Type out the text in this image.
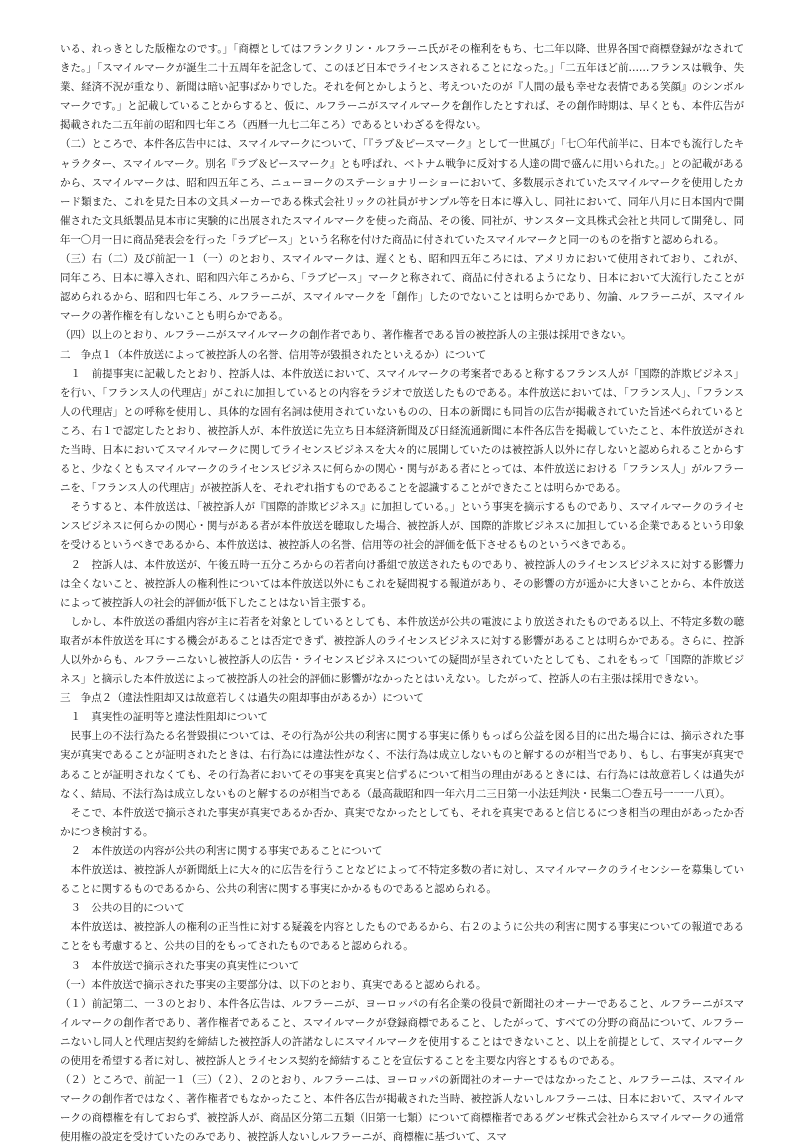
いる、れっきとした版権なのです。」「商標としてはフランクリン・ルフラーニ氏がその権利をもち、七二年以降、世界各国で商標登録がなされてきた。」「スマイルマークが誕生二十五周年を記念して、このほど日本でライセンスされることになった。」「二五年ほど前……フランスは戦争、失業、経済不況が重なり、新聞は暗い記事ばかりでした。それを何とかしようと、考えついたのが『人間の最も幸せな表情である笑顔』のシンボルマークです。」と記載していることからすると、仮に、ルフラーニがスマイルマークを創作したとすれば、その創作時期は、早くとも、本件広告が掲載された二五年前の昭和四七年ころ（西暦一九七二年ころ）であるといわざるを得ない。

（二）ところで、本件各広告中には、スマイルマークについて、「『ラブ＆ピースマーク』として一世風び」「七〇年代前半に、日本でも流行したキャラクター、スマイルマーク。別名『ラブ＆ピースマーク』とも呼ばれ、ベトナム戦争に反対する人達の間で盛んに用いられた。」との記載があるから、スマイルマークは、昭和四五年ころ、ニューヨークのステーショナリーショーにおいて、多数展示されていたスマイルマークを使用したカード類また、これを見た日本の文具メーカーである株式会社リックの社員がサンプル等を日本に導入し、同社において、同年八月に日本国内で開催された文具紙製品見本市に実験的に出展されたスマイルマークを使った商品、その後、同社が、サンスター文具株式会社と共同して開発し、同年一〇月一日に商品発表会を行った「ラブピース」という名称を付けた商品に付されていたスマイルマークと同一のものを指すと認められる。

（三）右（二）及び前記一１（一）のとおり、スマイルマークは、遅くとも、昭和四五年ころには、アメリカにおいて使用されており、これが、同年ころ、日本に導入され、昭和四六年ころから、「ラブピース」マークと称されて、商品に付されるようになり、日本において大流行したことが認められるから、昭和四七年ころ、ルフラーニが、スマイルマークを「創作」したのでないことは明らかであり、勿論、ルフラーニが、スマイルマークの著作権を有しないことも明らかである。

（四）以上のとおり、ルフラーニがスマイルマークの創作者であり、著作権者である旨の被控訴人の主張は採用できない。

二　争点１（本件放送によって被控訴人の名誉、信用等が毀損されたといえるか）について

１　前提事実に記載したとおり、控訴人は、本件放送において、スマイルマークの考案者であると称するフランス人が「国際的詐欺ビジネス」を行い、「フランス人の代理店」がこれに加担しているとの内容をラジオで放送したものである。本件放送においては、「フランス人」、「フランス人の代理店」との呼称を使用し、具体的な固有名詞は使用されていないものの、日本の新聞にも同旨の広告が掲載されていた旨述べられているところ、右１で認定したとおり、被控訴人が、本件放送に先立ち日本経済新聞及び日経流通新聞に本件各広告を掲載していたこと、本件放送がされた当時、日本においてスマイルマークに関してライセンスビジネスを大々的に展開していたのは被控訴人以外に存しないと認められることからすると、少なくともスマイルマークのライセンスビジネスに何らかの関心・関与がある者にとっては、本件放送における「フランス人」がルフラーニを、「フランス人の代理店」が被控訴人を、それぞれ指すものであることを認識することができたことは明らかである。

そうすると、本件放送は、「被控訴人が『国際的詐欺ビジネス』に加担している。」という事実を摘示するものであり、スマイルマークのライセンスビジネスに何らかの関心・関与がある者が本件放送を聴取した場合、被控訴人が、国際的詐欺ビジネスに加担している企業であるという印象を受けるというべきであるから、本件放送は、被控訴人の名誉、信用等の社会的評価を低下させるものというべきである。

２　控訴人は、本件放送が、午後五時一五分ころからの若者向け番組で放送されたものであり、被控訴人のライセンスビジネスに対する影響力は全くないこと、被控訴人の権利性については本件放送以外にもこれを疑問視する報道があり、その影響の方が遥かに大きいことから、本件放送によって被控訴人の社会的評価が低下したことはない旨主張する。

しかし、本件放送の番組内容が主に若者を対象としているとしても、本件放送が公共の電波により放送されたものである以上、不特定多数の聴取者が本件放送を耳にする機会があることは否定できず、被控訴人のライセンスビジネスに対する影響があることは明らかである。さらに、控訴人以外からも、ルフラーニないし被控訴人の広告・ライセンスビジネスについての疑問が呈されていたとしても、これをもって「国際的詐欺ビジネス」と摘示した本件放送によって被控訴人の社会的評価に影響がなかったとはいえない。したがって、控訴人の右主張は採用できない。

三　争点２（違法性阻却又は故意若しくは過失の阻却事由があるか）について

１　真実性の証明等と違法性阻却について

民事上の不法行為たる名誉毀損については、その行為が公共の利害に関する事実に係りもっぱら公益を図る目的に出た場合には、摘示された事実が真実であることが証明されたときは、右行為には違法性がなく、不法行為は成立しないものと解するのが相当であり、もし、右事実が真実であることが証明されなくても、その行為者においてその事実を真実と信ずるについて相当の理由があるときには、右行為には故意若しくは過失がなく、結局、不法行為は成立しないものと解するのが相当である（最高裁昭和四一年六月二三日第一小法廷判決・民集二〇巻五号一一一八頁）。

そこで、本件放送で摘示された事実が真実であるか否か、真実でなかったとしても、それを真実であると信じるにつき相当の理由があったか否かにつき検討する。

２　本件放送の内容が公共の利害に関する事実であることについて

本件放送は、被控訴人が新聞紙上に大々的に広告を行うことなどによって不特定多数の者に対し、スマイルマークのライセンシーを募集していることに関するものであるから、公共の利害に関する事実にかかるものであると認められる。

３　公共の目的について

本件放送は、被控訴人の権利の正当性に対する疑義を内容としたものであるから、右２のように公共の利害に関する事実についての報道であることをも考慮すると、公共の目的をもってされたものであると認められる。

３　本件放送で摘示された事実の真実性について

（一）本件放送で摘示された事実の主要部分は、以下のとおり、真実であると認められる。

（１）前記第二、一３のとおり、本件各広告は、ルフラーニが、ヨーロッパの有名企業の役員で新聞社のオーナーであること、ルフラーニがスマイルマークの創作者であり、著作権者であること、スマイルマークが登録商標であること、したがって、すべての分野の商品について、ルフラーニないし同人と代理店契約を締結した被控訴人の許諾なしにスマイルマークを使用することはできないこと、以上を前提として、スマイルマークの使用を希望する者に対し、被控訴人とライセンス契約を締結することを宣伝することを主要な内容とするものである。

（２）ところで、前記一１（三）（２）、２のとおり、ルフラーニは、ヨーロッパの新聞社のオーナーではなかったこと、ルフラーニは、スマイルマークの創作者ではなく、著作権者でもなかったこと、本件各広告が掲載された当時、被控訴人ないしルフラーニは、日本において、スマイルマークの商標権を有しておらず、被控訴人が、商品区分第二五類（旧第一七類）について商標権者であるグンゼ株式会社からスマイルマークの通常使用権の設定を受けていたのみであり、被控訴人ないしルフラーニが、商標権に基づいて、スマ
